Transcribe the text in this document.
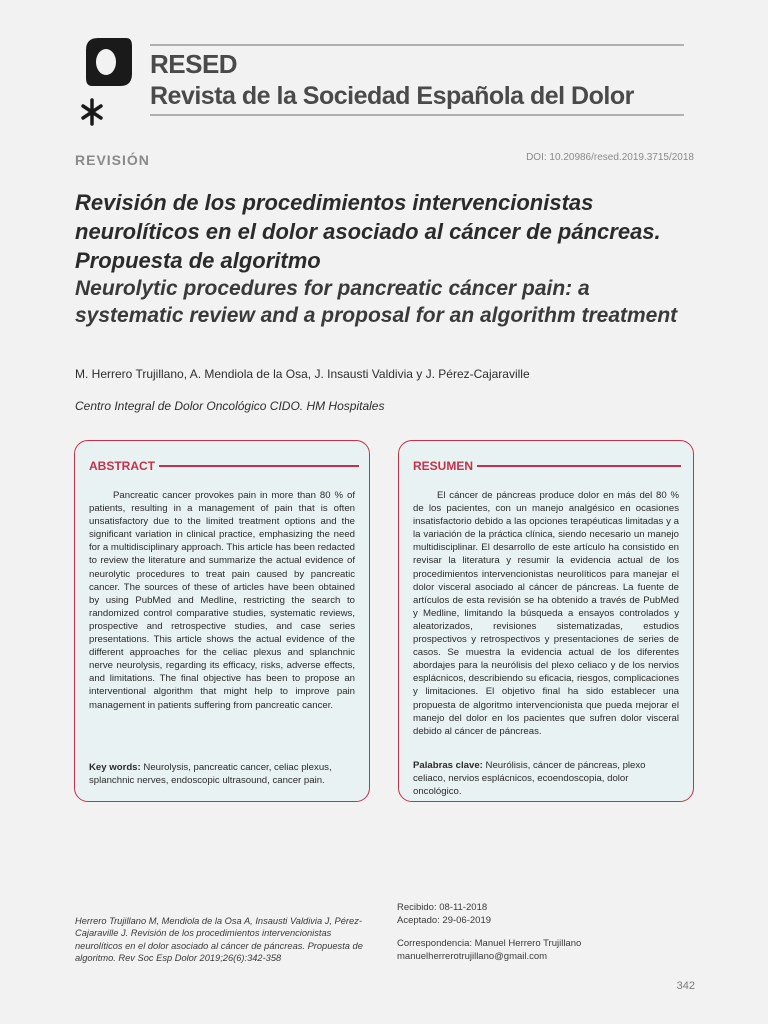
RESED
Revista de la Sociedad Española del Dolor
REVISIÓN	DOI: 10.20986/resed.2019.3715/2018
Revisión de los procedimientos intervencionistas neurolíticos en el dolor asociado al cáncer de páncreas. Propuesta de algoritmo
Neurolytic procedures for pancreatic cáncer pain: a systematic review and a proposal for an algorithm treatment
M. Herrero Trujillano, A. Mendiola de la Osa, J. Insausti Valdivia y J. Pérez-Cajaraville
Centro Integral de Dolor Oncológico CIDO. HM Hospitales
ABSTRACT

Pancreatic cancer provokes pain in more than 80 % of patients, resulting in a management of pain that is often unsatisfactory due to the limited treatment options and the significant variation in clinical practice, emphasizing the need for a multidisciplinary approach. This article has been redacted to review the literature and summarize the actual evidence of neurolytic procedures to treat pain caused by pancreatic cancer. The sources of these of articles have been obtained by using PubMed and Medline, restricting the search to randomized control comparative studies, systematic reviews, prospective and retrospective studies, and case series presentations. This article shows the actual evidence of the different approaches for the celiac plexus and splanchnic nerve neurolysis, regarding its efficacy, risks, adverse effects, and limitations. The final objective has been to propose an interventional algorithm that might help to improve pain management in patients suffering from pancreatic cancer.

Key words: Neurolysis, pancreatic cancer, celiac plexus, splanchnic nerves, endoscopic ultrasound, cancer pain.
RESUMEN

El cáncer de páncreas produce dolor en más del 80 % de los pacientes, con un manejo analgésico en ocasiones insatisfactorio debido a las opciones terapéuticas limitadas y a la variación de la práctica clínica, siendo necesario un manejo multidisciplinar. El desarrollo de este artículo ha consistido en revisar la literatura y resumir la evidencia actual de los procedimientos intervencionistas neurolíticos para manejar el dolor visceral asociado al cáncer de páncreas. La fuente de artículos de esta revisión se ha obtenido a través de PubMed y Medline, limitando la búsqueda a ensayos controlados y aleatorizados, revisiones sistematizadas, estudios prospectivos y retrospectivos y presentaciones de series de casos. Se muestra la evidencia actual de los diferentes abordajes para la neurólisis del plexo celiaco y de los nervios esplácnicos, describiendo su eficacia, riesgos, complicaciones y limitaciones. El objetivo final ha sido establecer una propuesta de algoritmo intervencionista que pueda mejorar el manejo del dolor en los pacientes que sufren dolor visceral debido al cáncer de páncreas.

Palabras clave: Neurólisis, cáncer de páncreas, plexo celiaco, nervios esplácnicos, ecoendoscopia, dolor oncológico.
Herrero Trujillano M, Mendiola de la Osa A, Insausti Valdivia J, Pérez-Cajaraville J. Revisión de los procedimientos intervencionistas neurolíticos en el dolor asociado al cáncer de páncreas. Propuesta de algoritmo. Rev Soc Esp Dolor 2019;26(6):342-358
Recibido: 08-11-2018
Aceptado: 29-06-2019
Correspondencia: Manuel Herrero Trujillano
manuelherrerotrujillano@gmail.com
342
